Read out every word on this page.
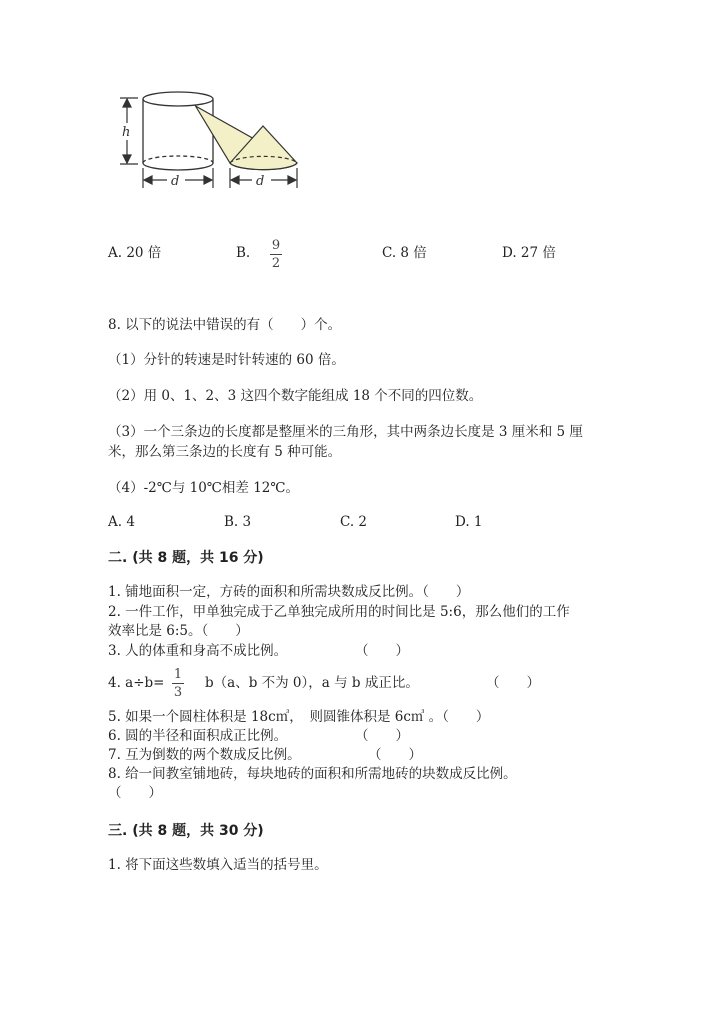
h
d	d
A. 20 倍	B. 9
2
C. 8 倍	D. 27 倍
8. 以下的说法中错误的有（　　）个。
（1）分针的转速是时针转速的 60 倍。
（2）用 0、1、2、3 这四个数字能组成 18 个不同的四位数。
（3）一个三条边的长度都是整厘米的三角形，其中两条边长度是 3 厘米和 5 厘
米，那么第三条边的长度有 5 种可能。
（4）-2℃与 10℃相差 12℃。
A. 4	B. 3	C. 2	D. 1
二. (共 8 题，共 16 分)
1. 铺地面积一定，方砖的面积和所需块数成反比例。（　　）
2. 一件工作，甲单独完成于乙单独完成所用的时间比是 5:6，那么他们的工作
效率比是 6:5。（　　）
3. 人的体重和身高不成比例。	（　　）
4. a÷b=
1
3
b（a、b 不为 0），a 与 b 成正比。	（　　）
5. 如果一个圆柱体积是 18c㎥，　则圆锥体积是 6c㎥ 。（　　）
6. 圆的半径和面积成正比例。	（　　）
7. 互为倒数的两个数成反比例。	（　　）
8. 给一间教室铺地砖，每块地砖的面积和所需地砖的块数成反比例。
（　　）
三. (共 8 题，共 30 分)
1. 将下面这些数填入适当的括号里。
